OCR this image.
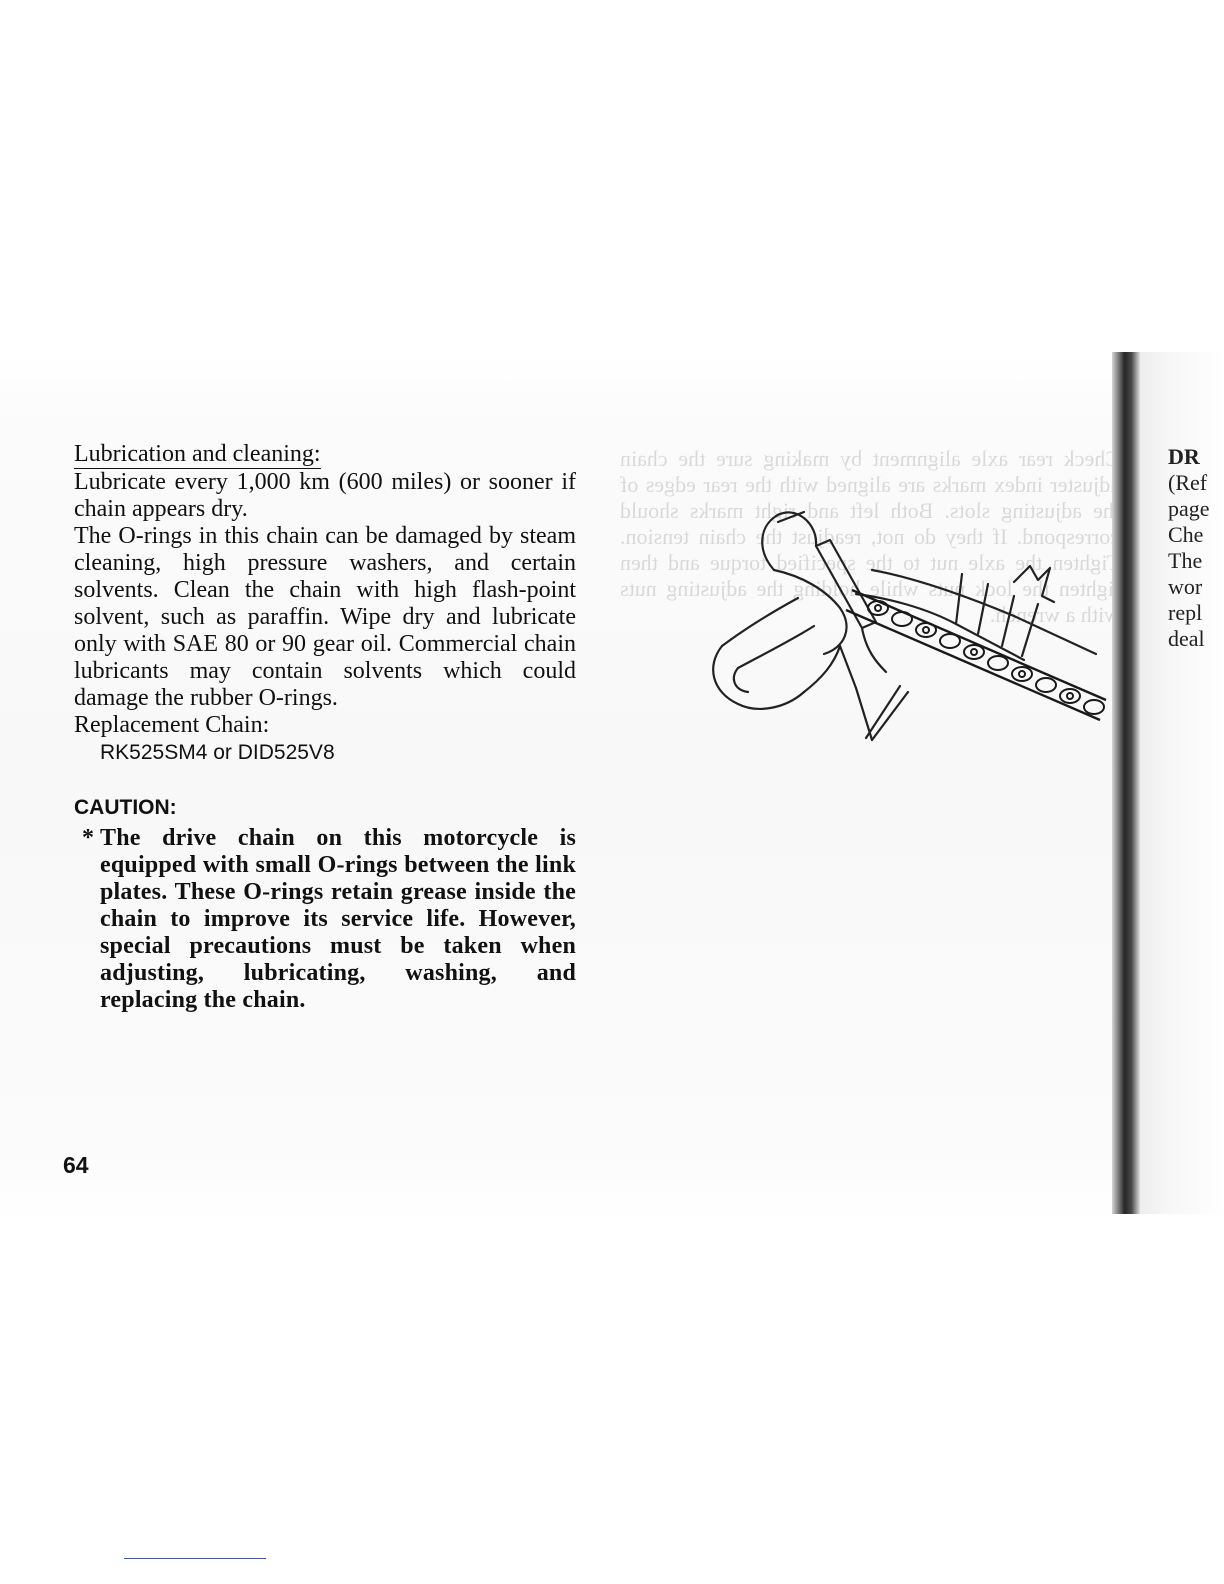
Lubrication and cleaning:

Lubricate every 1,000 km (600 miles) or sooner if chain appears dry.

The O-rings in this chain can be damaged by steam cleaning, high pressure washers, and certain solvents. Clean the chain with high flash-point solvent, such as paraffin. Wipe dry and lubricate only with SAE 80 or 90 gear oil. Commercial chain lubricants may contain solvents which could damage the rubber O-rings.

Replacement Chain:

RK525SM4 or DID525V8

CAUTION:

* The drive chain on this motorcycle is equipped with small O-rings between the link plates. These O-rings retain grease inside the chain to improve its service life. However, special precautions must be taken when adjusting, lubricating, washing, and replacing the chain.
64

DR
(Ref
page
Che
The
wor
repl
deal
